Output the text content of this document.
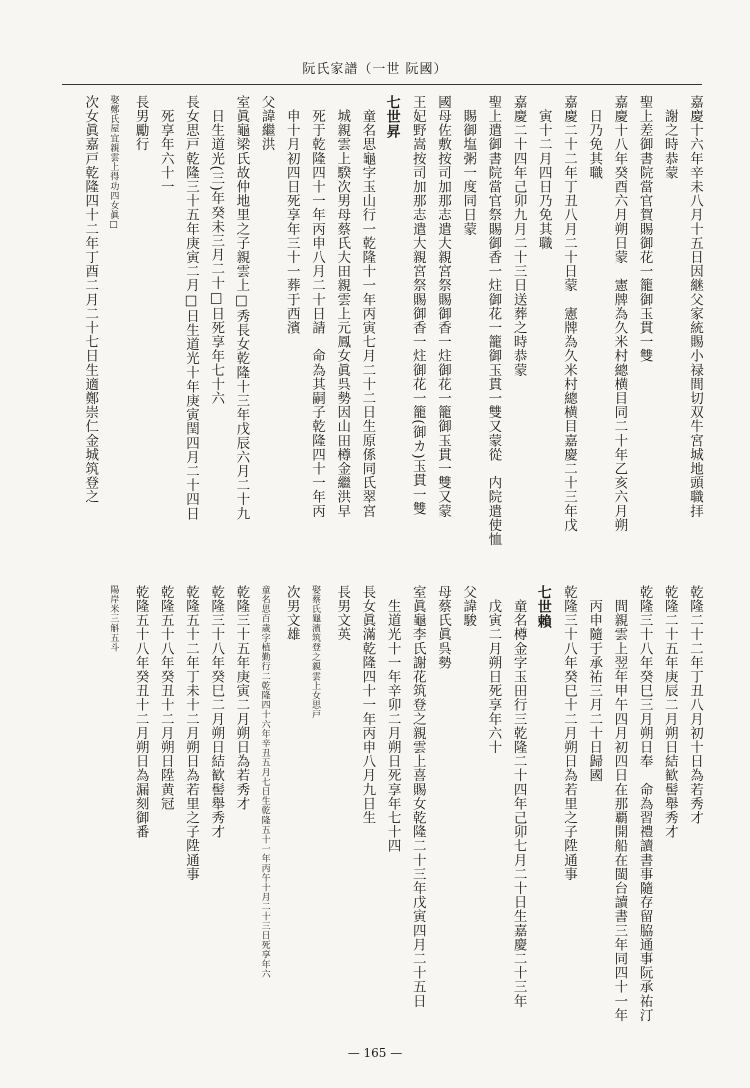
阮氏家譜（一世 阮國）
嘉慶十六年辛未八月十五日因継父家統賜小禄間切双牛宮城地頭職拝
　謝之時恭蒙
聖上差御書院當官賀賜御花一籠御玉貫一雙
嘉慶十八年癸酉六月朔日蒙　憲牌為久米村總横目同二十年乙亥六月朔
　日乃免其職
嘉慶二十二年丁丑八月二十日蒙　憲牌為久米村總横目嘉慶二十三年戊
　寅十二月四日乃免其職
嘉慶二十四年己卯九月二十三日送葬之時恭蒙
聖上遣御書院當官祭賜御香一炷御花一籠御玉貫一雙又蒙從　内院遣使恤
　賜御塩粥一度同日蒙
國母佐敷按司加那志遣大親宮祭賜御香一炷御花一籠御玉貫一雙又蒙
王妃野嵩按司加那志遣大親宮祭賜御香一炷御花一籠(御カ)玉貫一雙
七世昇
　童名思龜字玉山行一乾隆十一年丙寅七月二十二日生原係同氏翠宮
　城親雲上騤次男母蔡氏大田親雲上元鳳女眞呉勢因山田樽金繼洪早
　死于乾隆四十一年丙申八月二十日請　命為其嗣子乾隆四十一年丙
　申十月初四日死享年三十一葬于西濱
父諱繼洪
室眞龜梁氏故仲地里之子親雲上□秀長女乾隆十三年戊辰六月二十九
　日生道光(三)年癸未三月二十□日死享年七十六
長女思戸乾隆三十五年庚寅二月□日生道光十年庚寅閏四月二十四日
　死享年六十一
長男勵行
娶鄭氏屋宜親雲上得功四女眞□
次女眞嘉戸乾隆四十二年丁酉二月二十七日生適鄭崇仁金城筑登之
乾隆二十二年丁丑八月初十日為若秀才
乾隆二十五年庚辰二月朔日結歓髻舉秀才
乾隆三十八年癸巳三月朔日奉　命為習禮讀書事隨存留脇通事阮承祐汀
　間親雲上翌年甲午四月初四日在那覇開船在閩台讀書三年同四十一年
　丙申隨于承祐三月二十日歸國
乾隆三十八年癸巳十二月朔日為若里之子陞通事
七世賴
　童名樽金字玉田行三乾隆二十四年己卯七月二十日生嘉慶二十三年
　戊寅二月朔日死享年六十
父諱駿
母蔡氏眞呉勢
室眞龜李氏謝花筑登之親雲上喜賜女乾隆二十三年戊寅四月二十五日
　生道光十一年辛卯二月朔日死享年七十四
長女眞滿乾隆四十一年丙申八月九日生
長男文英
娶蔡氏龜濱筑登之親雲上女思戸
次男文雄
童名思百歳字植勤行二乾隆四十六年辛丑五月七日生乾隆五十一年丙午十月二十三日死享年六
乾隆三十五年庚寅二月朔日為若秀才
乾隆三十八年癸巳二月朔日結歓髻舉秀才
乾隆五十二年丁未十二月朔日為若里之子陞通事
乾隆五十八年癸丑十二月朔日陞黄冠
乾隆五十八年癸丑十二月朔日為漏刻御番
陽岸米三斛五斗
— 165 —
